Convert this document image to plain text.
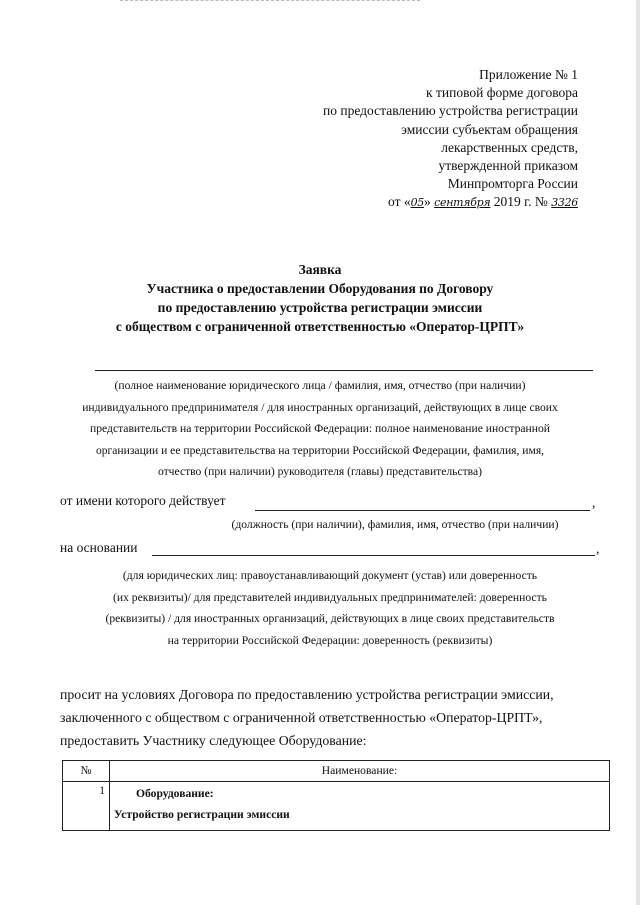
Приложение № 1
к типовой форме договора
по предоставлению устройства регистрации
эмиссии субъектам обращения
лекарственных средств,
утвержденной приказом
Минпромторга России
от «05» сентября 2019 г. № 3326
Заявка
Участника о предоставлении Оборудования по Договору
по предоставлению устройства регистрации эмиссии
с обществом с ограниченной ответственностью «Оператор-ЦРПТ»
(полное наименование юридического лица / фамилия, имя, отчество (при наличии)
индивидуального предпринимателя / для иностранных организаций, действующих в лице своих
представительств на территории Российской Федерации: полное наименование иностранной
организации и ее представительства на территории Российской Федерации, фамилия, имя,
отчество (при наличии) руководителя (главы) представительства)
от имени которого действует	,
(должность (при наличии), фамилия, имя, отчество (при наличии)
на основании	,
(для юридических лиц: правоустанавливающий документ (устав) или доверенность
(их реквизиты)/ для представителей индивидуальных предпринимателей: доверенность
(реквизиты) / для иностранных организаций, действующих в лице своих представительств
на территории Российской Федерации: доверенность (реквизиты)
просит на условиях Договора по предоставлению устройства регистрации эмиссии,
заключенного с обществом с ограниченной ответственностью «Оператор-ЦРПТ»,
предоставить Участнику следующее Оборудование:
№	Наименование:
1	Оборудование:
Устройство регистрации эмиссии
